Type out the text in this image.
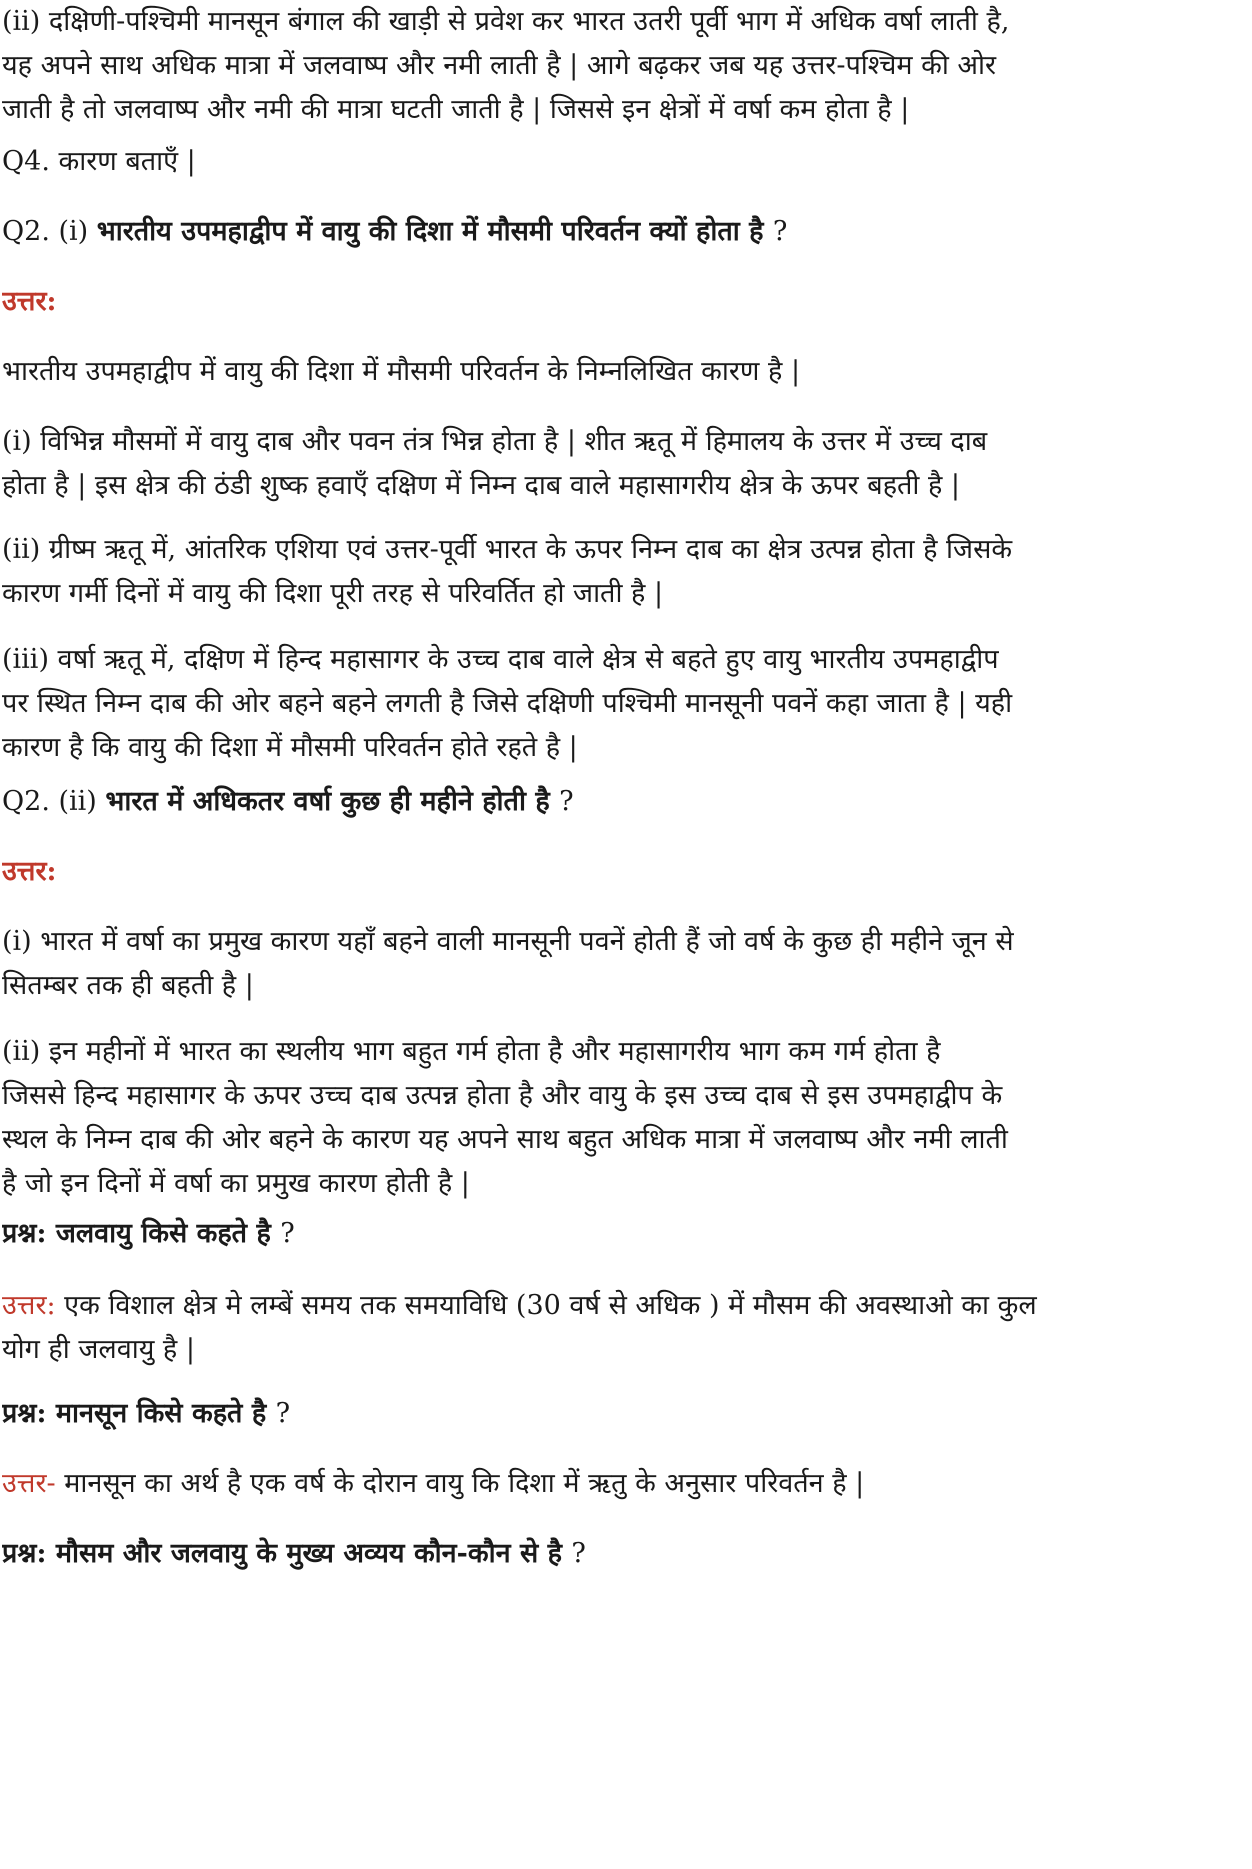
(ii) दक्षिणी-पश्चिमी मानसून बंगाल की खाड़ी से प्रवेश कर भारत उतरी पूर्वी भाग में अधिक वर्षा लाती है,
यह अपने साथ अधिक मात्रा में जलवाष्प और नमी लाती है | आगे बढ़कर जब यह उत्तर-पश्चिम की ओर
जाती है तो जलवाष्प और नमी की मात्रा घटती जाती है | जिससे इन क्षेत्रों में वर्षा कम होता है |
Q4. कारण बताएँ |
Q2. (i) भारतीय उपमहाद्वीप में वायु की दिशा में मौसमी परिवर्तन क्यों होता है ?
उत्तर:
भारतीय उपमहाद्वीप में वायु की दिशा में मौसमी परिवर्तन के निम्नलिखित कारण है |
(i) विभिन्न मौसमों में वायु दाब और पवन तंत्र भिन्न होता है | शीत ऋतू में हिमालय के उत्तर में उच्च दाब
होता है | इस क्षेत्र की ठंडी शुष्क हवाएँ दक्षिण में निम्न दाब वाले महासागरीय क्षेत्र के ऊपर बहती है |
(ii) ग्रीष्म ऋतू में, आंतरिक एशिया एवं उत्तर-पूर्वी भारत के ऊपर निम्न दाब का क्षेत्र उत्पन्न होता है जिसके
कारण गर्मी दिनों में वायु की दिशा पूरी तरह से परिवर्तित हो जाती है |
(iii) वर्षा ऋतू में, दक्षिण में हिन्द महासागर के उच्च दाब वाले क्षेत्र से बहते हुए वायु भारतीय उपमहाद्वीप
पर स्थित निम्न दाब की ओर बहने बहने लगती है जिसे दक्षिणी पश्चिमी मानसूनी पवनें कहा जाता है | यही
कारण है कि वायु की दिशा में मौसमी परिवर्तन होते रहते है |
Q2. (ii) भारत में अधिकतर वर्षा कुछ ही महीने होती है ?
उत्तर:
(i) भारत में वर्षा का प्रमुख कारण यहाँ बहने वाली मानसूनी पवनें होती हैं जो वर्ष के कुछ ही महीने जून से
सितम्बर तक ही बहती है |
(ii) इन महीनों में भारत का स्थलीय भाग बहुत गर्म होता है और महासागरीय भाग कम गर्म होता है
जिससे हिन्द महासागर के ऊपर उच्च दाब उत्पन्न होता है और वायु के इस उच्च दाब से इस उपमहाद्वीप के
स्थल के निम्न दाब की ओर बहने के कारण यह अपने साथ बहुत अधिक मात्रा में जलवाष्प और नमी लाती
है जो इन दिनों में वर्षा का प्रमुख कारण होती है |
प्रश्न: जलवायु किसे कहते है ?
उत्तर: एक विशाल क्षेत्र मे लम्बें समय तक समयाविधि (30 वर्ष से अधिक ) में मौसम की अवस्थाओ का कुल
योग ही जलवायु है |
प्रश्न: मानसून किसे कहते है ?
उत्तर- मानसून का अर्थ है एक वर्ष के दोरान वायु कि दिशा में ऋतु के अनुसार परिवर्तन है |
प्रश्न: मौसम और जलवायु के मुख्य अव्यय कौन-कौन से है ?
